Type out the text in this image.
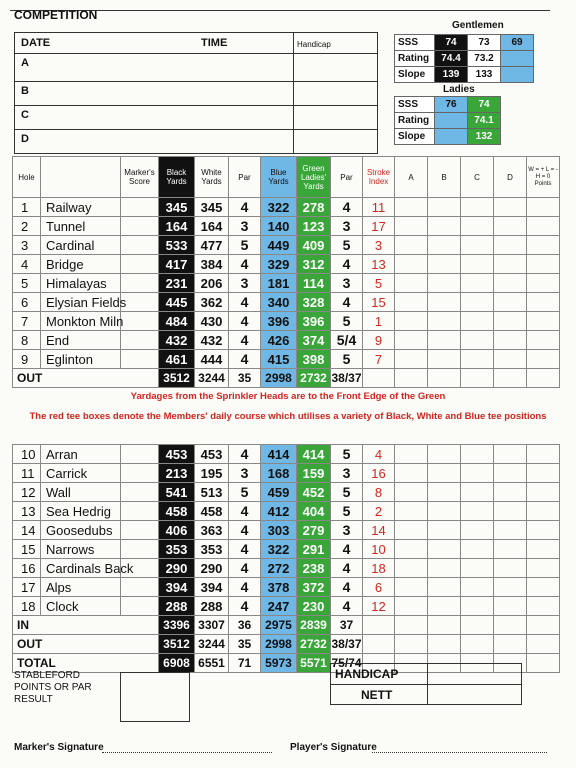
COMPETITION
DATE	TIME	Handicap
A
B
C
D
Gentlemen
SSS	74	73	69
Rating	74.4	73.2	
Slope	139	133	
Ladies
SSS	76	74
Rating		74.1
Slope		132
Hole		Marker's Score	Black Yards	White Yards	Par	Blue Yards	Green Ladies' Yards	Par	Stroke Index	A	B	C	D	W = + L = - H = 0 Points
1	Railway		345	345	4	322	278	4	11					
2	Tunnel		164	164	3	140	123	3	17					
3	Cardinal		533	477	5	449	409	5	3					
4	Bridge		417	384	4	329	312	4	13					
5	Himalayas		231	206	3	181	114	3	5					
6	Elysian Fields		445	362	4	340	328	4	15					
7	Monkton Miln		484	430	4	396	396	5	1					
8	End		432	432	4	426	374	5/4	9					
9	Eglinton		461	444	4	415	398	5	7					
OUT			3512	3244	35	2998	2732	38/37						
Yardages from the Sprinkler Heads are to the Front Edge of the Green
The red tee boxes denote the Members' daily course which utilises a variety of Black, White and Blue tee positions
10	Arran		453	453	4	414	414	5	4					
11	Carrick		213	195	3	168	159	3	16					
12	Wall		541	513	5	459	452	5	8					
13	Sea Hedrig		458	458	4	412	404	5	2					
14	Goosedubs		406	363	4	303	279	3	14					
15	Narrows		353	353	4	322	291	4	10					
16	Cardinals Back		290	290	4	272	238	4	18					
17	Alps		394	394	4	378	372	4	6					
18	Clock		288	288	4	247	230	4	12					
IN			3396	3307	36	2975	2839	37						
OUT			3512	3244	35	2998	2732	38/37						
TOTAL			6908	6551	71	5973	5571	75/74						
STABLEFORD POINTS OR PAR RESULT
HANDICAP
NETT
Marker's Signature	Player's Signature
